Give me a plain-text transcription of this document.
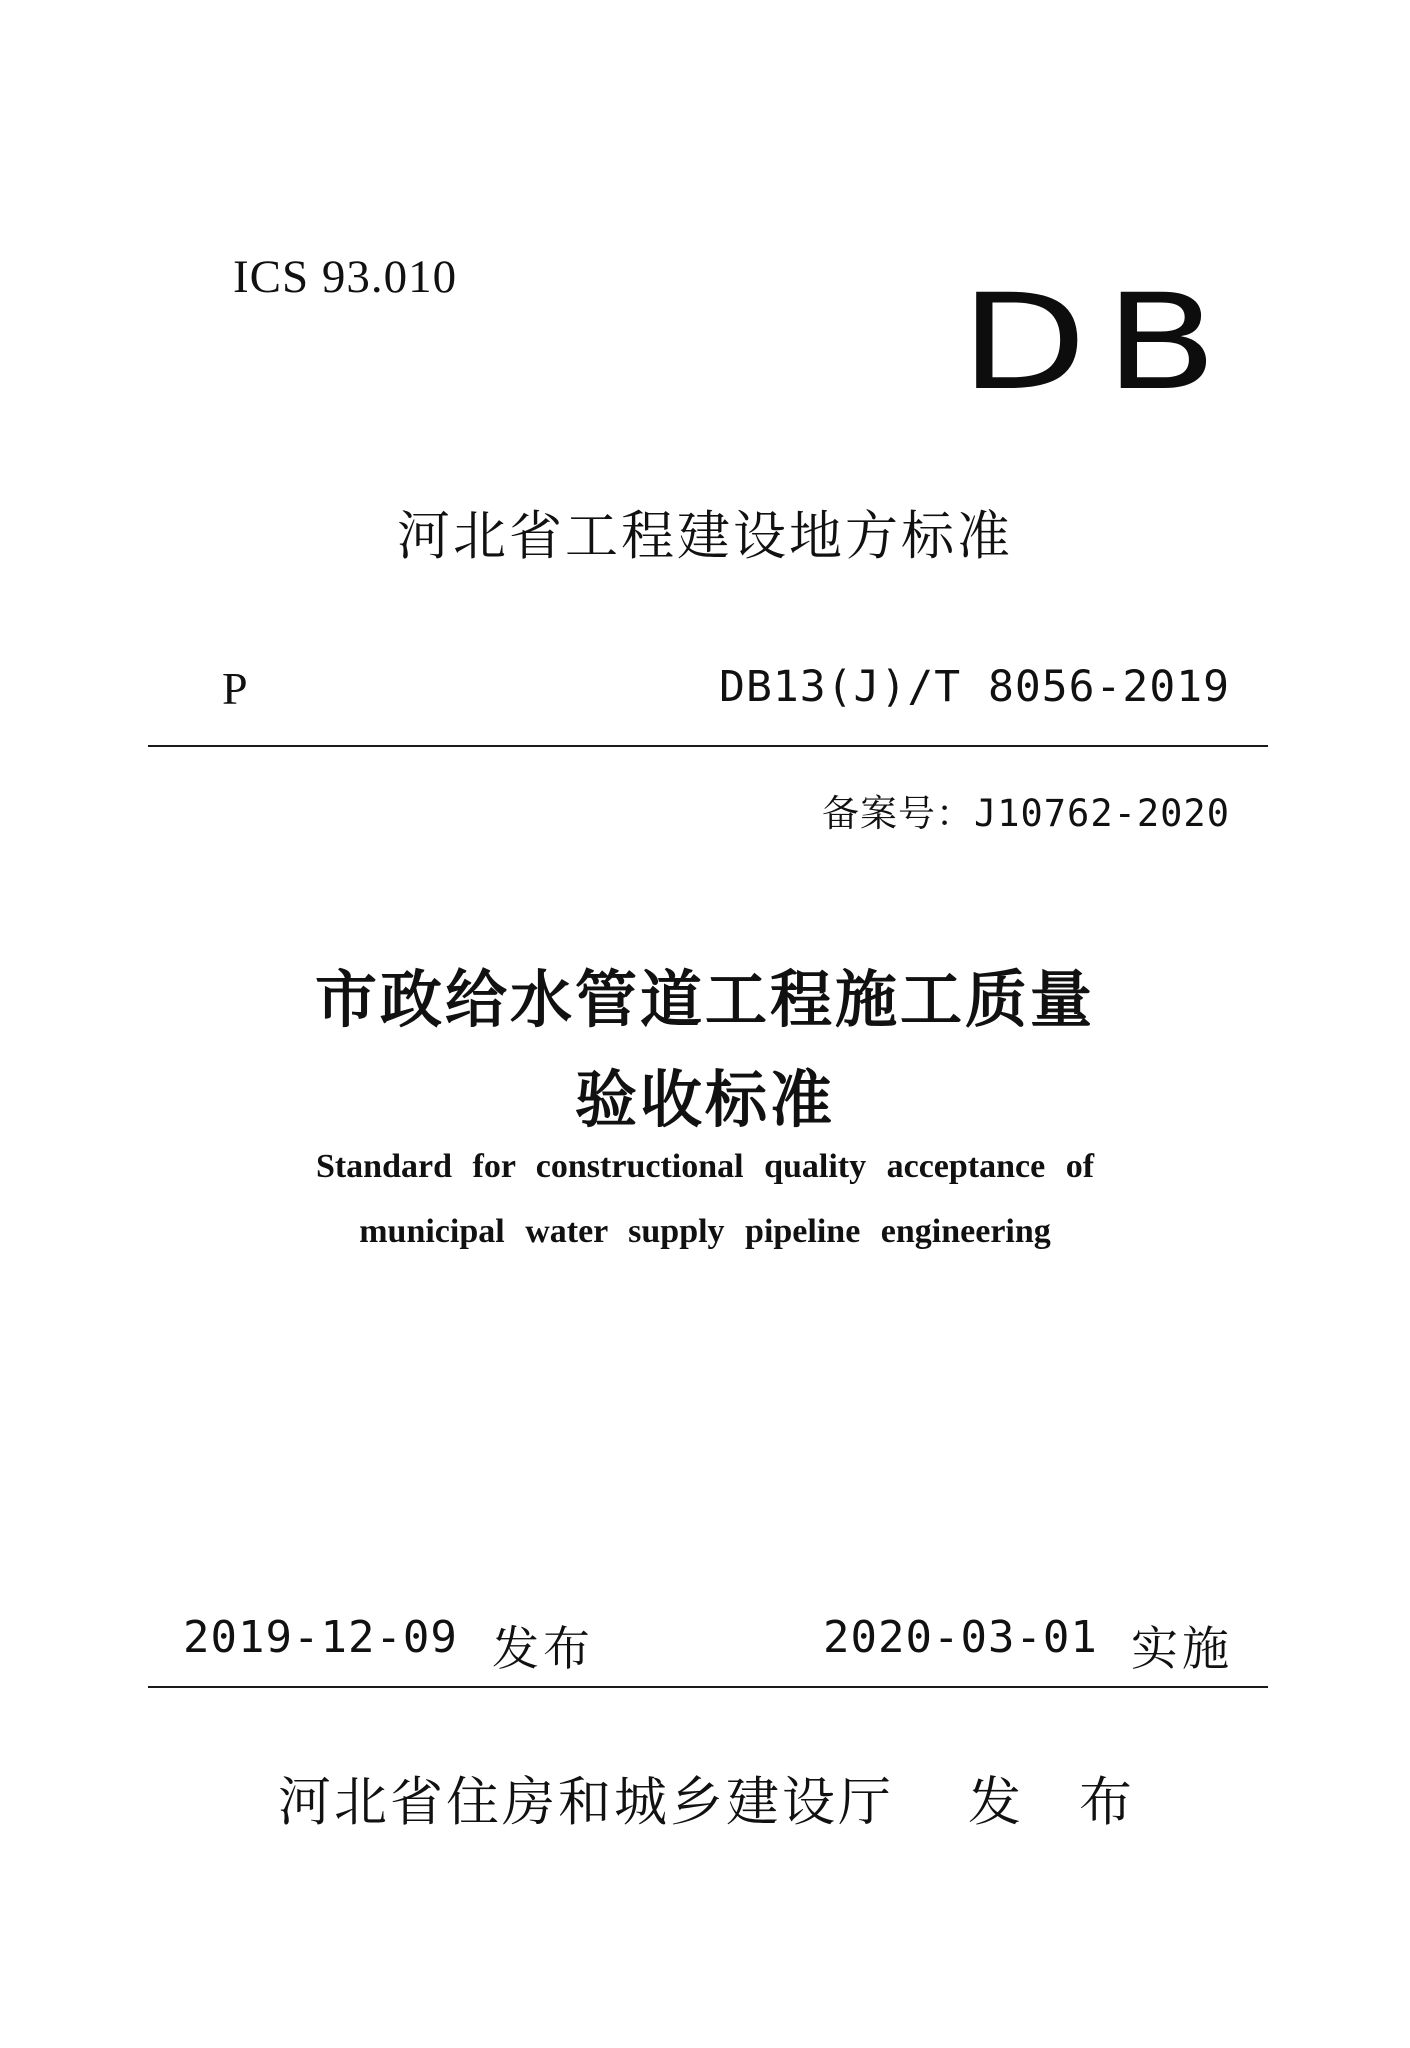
ICS 93.010	DB
河北省工程建设地方标准
P	DB13(J)/T 8056-2019
备案号：J10762-2020
市政给水管道工程施工质量
验收标准
Standard for constructional quality acceptance of
municipal water supply pipeline engineering
2019-12-09 发布	2020-03-01 实施
河北省住房和城乡建设厅 发布
